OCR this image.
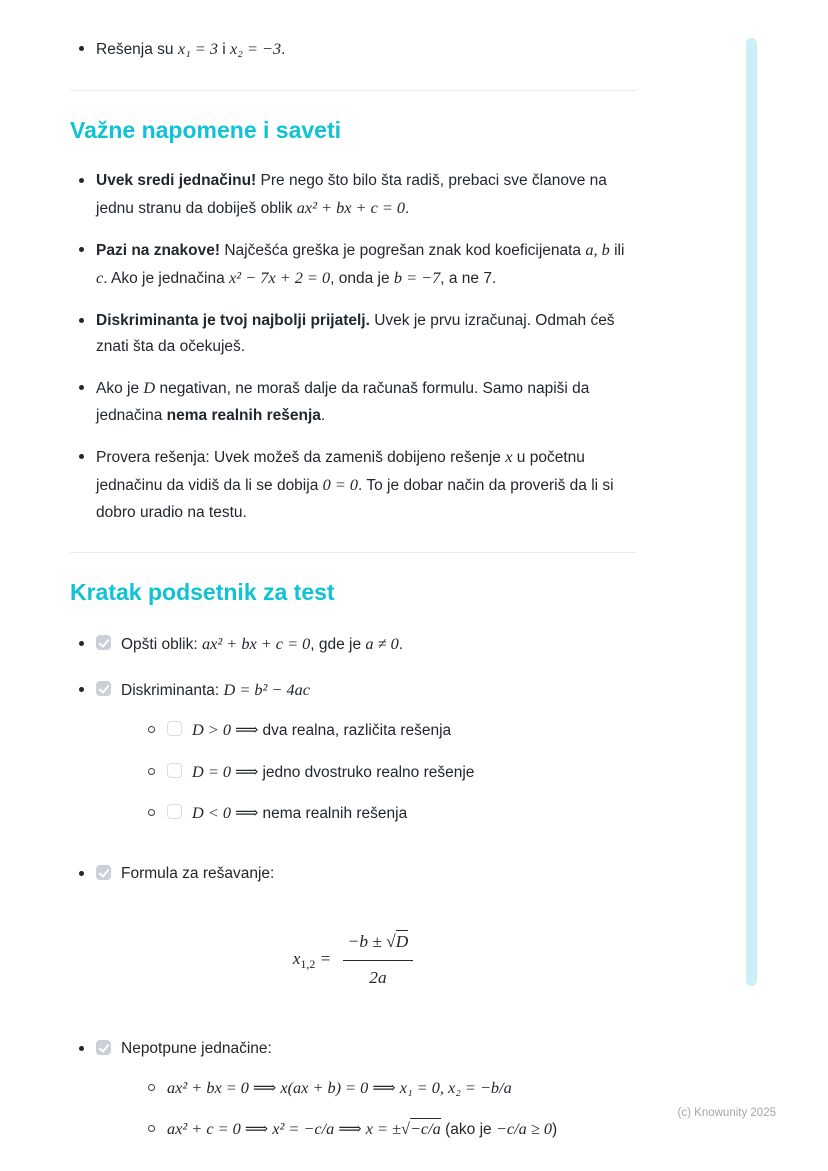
Rešenja su x₁ = 3 i x₂ = −3.
Važne napomene i saveti
Uvek sredi jednačinu! Pre nego što bilo šta radiš, prebaci sve članove na jednu stranu da dobiješ oblik ax² + bx + c = 0.
Pazi na znakove! Najčešća greška je pogrešan znak kod koeficijenata a, b ili c. Ako je jednačina x² − 7x + 2 = 0, onda je b = −7, a ne 7.
Diskriminanta je tvoj najbolji prijatelj. Uvek je prvu izračunaj. Odmah ćeš znati šta da očekuješ.
Ako je D negativan, ne moraš dalje da računaš formulu. Samo napiši da jednačina nema realnih rešenja.
Provera rešenja: Uvek možeš da zameniš dobijeno rešenje x u početnu jednačinu da vidiš da li se dobija 0 = 0. To je dobar način da proveriš da li si dobro uradio na testu.
Kratak podsetnik za test
Opšti oblik: ax² + bx + c = 0, gde je a ≠ 0.
Diskriminanta: D = b² − 4ac
D > 0 ⟹ dva realna, različita rešenja
D = 0 ⟹ jedno dvostruko realno rešenje
D < 0 ⟹ nema realnih rešenja
Formula za rešavanje:
$x_{1,2} = \frac{-b \pm √D}{2a}$
Nepotpune jednačine:
ax² + bx = 0 ⟹ x(ax + b) = 0 ⟹ x₁ = 0, x₂ = −b/a
ax² + c = 0 ⟹ x² = −c/a ⟹ x = ±√−c/a (ako je −c/a ≥ 0)
(c) Knowunity 2025
